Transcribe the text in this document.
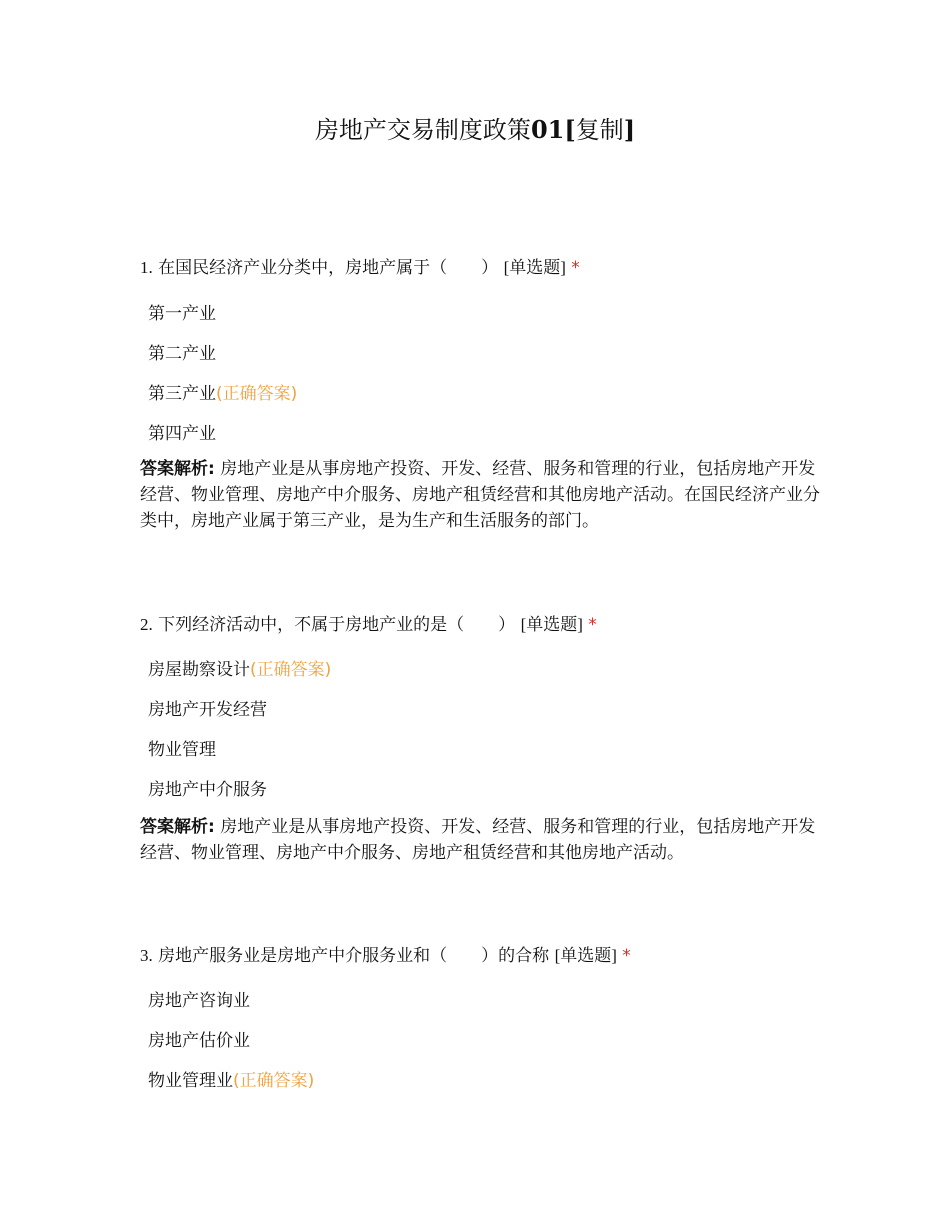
房地产交易制度政策01[复制]
1. 在国民经济产业分类中，房地产属于（　　） [单选题] *
第一产业
第二产业
第三产业(正确答案)
第四产业
答案解析: 房地产业是从事房地产投资、开发、经营、服务和管理的行业，包括房地产开发经营、物业管理、房地产中介服务、房地产租赁经营和其他房地产活动。在国民经济产业分类中，房地产业属于第三产业，是为生产和生活服务的部门。
2. 下列经济活动中，不属于房地产业的是（　　） [单选题] *
房屋勘察设计(正确答案)
房地产开发经营
物业管理
房地产中介服务
答案解析: 房地产业是从事房地产投资、开发、经营、服务和管理的行业，包括房地产开发经营、物业管理、房地产中介服务、房地产租赁经营和其他房地产活动。
3. 房地产服务业是房地产中介服务业和（　　）的合称 [单选题] *
房地产咨询业
房地产估价业
物业管理业(正确答案)
